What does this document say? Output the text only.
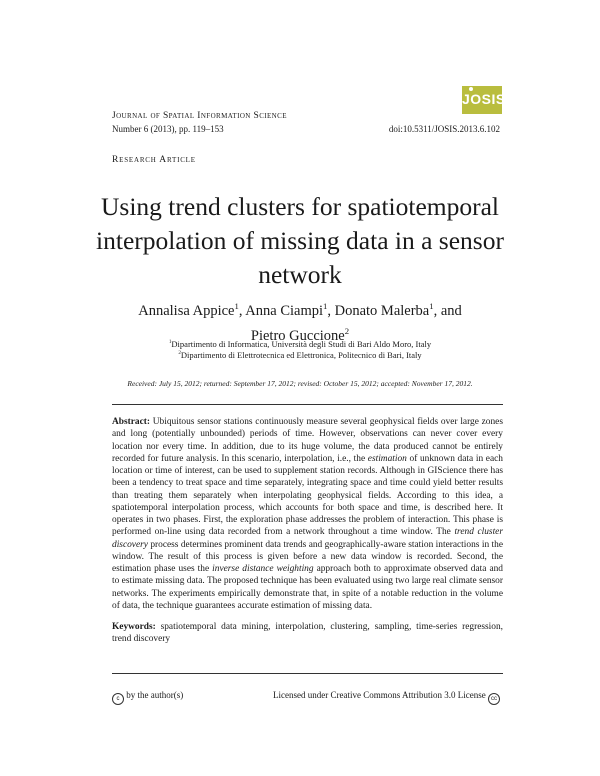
Journal of Spatial Information Science
Number 6 (2013), pp. 119–153	doi:10.5311/JOSIS.2013.6.102
JOSIS
Research Article
Using trend clusters for spatiotemporal interpolation of missing data in a sensor network
Annalisa Appice$^1$, Anna Ciampi$^1$, Donato Malerba$^1$, and
Pietro Guccione$^2$
$^1$Dipartimento di Informatica, Università degli Studi di Bari Aldo Moro, Italy
$^2$Dipartimento di Elettrotecnica ed Elettronica, Politecnico di Bari, Italy
Received: July 15, 2012; returned: September 17, 2012; revised: October 15, 2012; accepted: November 17, 2012.
Abstract: Ubiquitous sensor stations continuously measure several geophysical fields over large zones and long (potentially unbounded) periods of time. However, observations can never cover every location nor every time. In addition, due to its huge volume, the data produced cannot be entirely recorded for future analysis. In this scenario, interpolation, i.e., the estimation of unknown data in each location or time of interest, can be used to supplement station records. Although in GIScience there has been a tendency to treat space and time separately, integrating space and time could yield better results than treating them separately when interpolating geophysical fields. According to this idea, a spatiotemporal interpolation process, which accounts for both space and time, is described here. It operates in two phases. First, the exploration phase addresses the problem of interaction. This phase is performed on-line using data recorded from a network throughout a time window. The trend cluster discovery process determines prominent data trends and geographically-aware station interactions in the window. The result of this process is given before a new data window is recorded. Second, the estimation phase uses the inverse distance weighting approach both to approximate observed data and to estimate missing data. The proposed technique has been evaluated using two large real climate sensor networks. The experiments empirically demonstrate that, in spite of a notable reduction in the volume of data, the technique guarantees accurate estimation of missing data.
Keywords: spatiotemporal data mining, interpolation, clustering, sampling, time-series regression, trend discovery
c by the author(s)	Licensed under Creative Commons Attribution 3.0 License cc
